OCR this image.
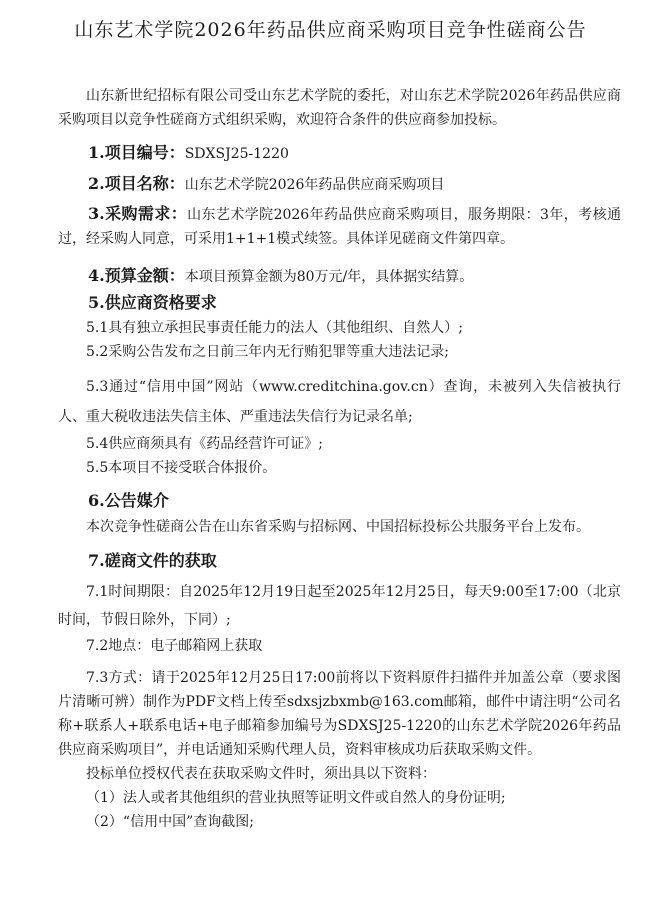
山东艺术学院2026年药品供应商采购项目竞争性磋商公告

山东新世纪招标有限公司受山东艺术学院的委托，对山东艺术学院2026年药品供应商采购项目以竞争性磋商方式组织采购，欢迎符合条件的供应商参加投标。

1.项目编号：SDXSJ25-1220

2.项目名称：山东艺术学院2026年药品供应商采购项目

3.采购需求：山东艺术学院2026年药品供应商采购项目，服务期限：3年，考核通过，经采购人同意，可采用1+1+1模式续签。具体详见磋商文件第四章。

4.预算金额：本项目预算金额为80万元/年，具体据实结算。

5.供应商资格要求

5.1具有独立承担民事责任能力的法人（其他组织、自然人）;

5.2采购公告发布之日前三年内无行贿犯罪等重大违法记录;

5.3通过“信用中国”网站（www.creditchina.gov.cn）查询，未被列入失信被执行人、重大税收违法失信主体、严重违法失信行为记录名单;

5.4供应商须具有《药品经营许可证》;

5.5本项目不接受联合体报价。

6.公告媒介

本次竞争性磋商公告在山东省采购与招标网、中国招标投标公共服务平台上发布。

7.磋商文件的获取

7.1时间期限：自2025年12月19日起至2025年12月25日，每天9:00至17:00（北京时间，节假日除外，下同）;

7.2地点：电子邮箱网上获取

7.3方式：请于2025年12月25日17:00前将以下资料原件扫描件并加盖公章（要求图片清晰可辨）制作为PDF文档上传至sdxsjzbxmb@163.com邮箱，邮件中请注明“公司名称+联系人+联系电话+电子邮箱参加编号为SDXSJ25-1220的山东艺术学院2026年药品供应商采购项目”，并电话通知采购代理人员，资料审核成功后获取采购文件。

投标单位授权代表在获取采购文件时，须出具以下资料：

（1）法人或者其他组织的营业执照等证明文件或自然人的身份证明;

（2）“信用中国”查询截图;
